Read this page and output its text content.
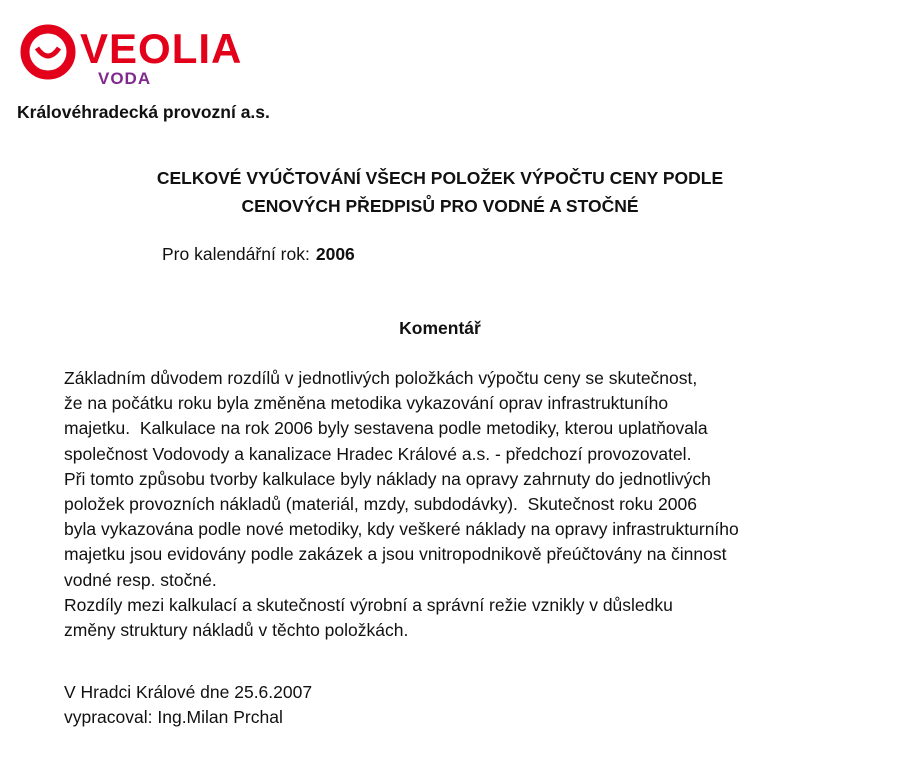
VEOLIA
VODA

Královéhradecká provozní a.s.

CELKOVÉ VYÚČTOVÁNÍ VŠECH POLOŽEK VÝPOČTU CENY PODLE
CENOVÝCH PŘEDPISŮ PRO VODNÉ A STOČNÉ

Pro kalendářní rok: 2006

Komentář
Základním důvodem rozdílů v jednotlivých položkách výpočtu ceny se skutečnost,
že na počátku roku byla změněna metodika vykazování oprav infrastruktuního
majetku.  Kalkulace na rok 2006 byly sestavena podle metodiky, kterou uplatňovala
společnost Vodovody a kanalizace Hradec Králové a.s. - předchozí provozovatel.
Při tomto způsobu tvorby kalkulace byly náklady na opravy zahrnuty do jednotlivých
položek provozních nákladů (materiál, mzdy, subdodávky).  Skutečnost roku 2006
byla vykazována podle nové metodiky, kdy veškeré náklady na opravy infrastrukturního
majetku jsou evidovány podle zakázek a jsou vnitropodnikově přeúčtovány na činnost
vodné resp. stočné.
Rozdíly mezi kalkulací a skutečností výrobní a správní režie vznikly v důsledku
změny struktury nákladů v těchto položkách.
V Hradci Králové dne 25.6.2007
vypracoval: Ing.Milan Prchal
